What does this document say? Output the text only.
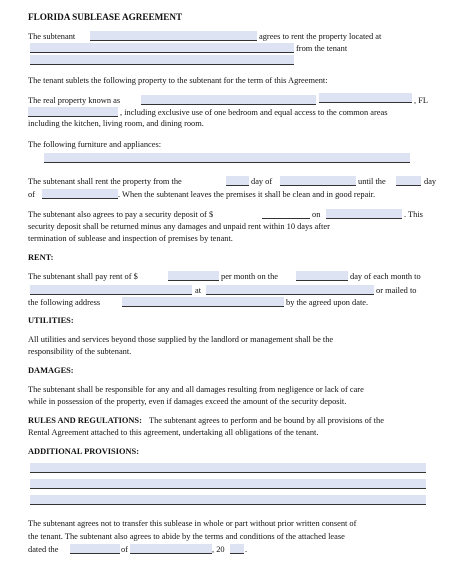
FLORIDA SUBLEASE AGREEMENT
The subtenant	agrees to rent the property located at
from the tenant
The tenant sublets the following property to the subtenant for the term of this Agreement:
The real property known as	, FL
, including exclusive use of one bedroom and equal access to the common areas
including the kitchen, living room, and dining room.
The following furniture and appliances:
The subtenant shall rent the property from the	day of	until the	day
of	. When the subtenant leaves the premises it shall be clean and in good repair.
The subtenant also agrees to pay a security deposit of $	on	. This
security deposit shall be returned minus any damages and unpaid rent within 10 days after
termination of sublease and inspection of premises by tenant.
RENT:
The subtenant shall pay rent of $	per month on the	day of each month to
at	or mailed to
the following address	by the agreed upon date.
UTILITIES:
All utilities and services beyond those supplied by the landlord or management shall be the
responsibility of the subtenant.
DAMAGES:
The subtenant shall be responsible for any and all damages resulting from negligence or lack of care
while in possession of the property, even if damages exceed the amount of the security deposit.
RULES AND REGULATIONS: The subtenant agrees to perform and be bound by all provisions of the
Rental Agreement attached to this agreement, undertaking all obligations of the tenant.
ADDITIONAL PROVISIONS:
The subtenant agrees not to transfer this sublease in whole or part without prior written consent of
the tenant. The subtenant also agrees to abide by the terms and conditions of the attached lease
dated the	of	, 20 .
